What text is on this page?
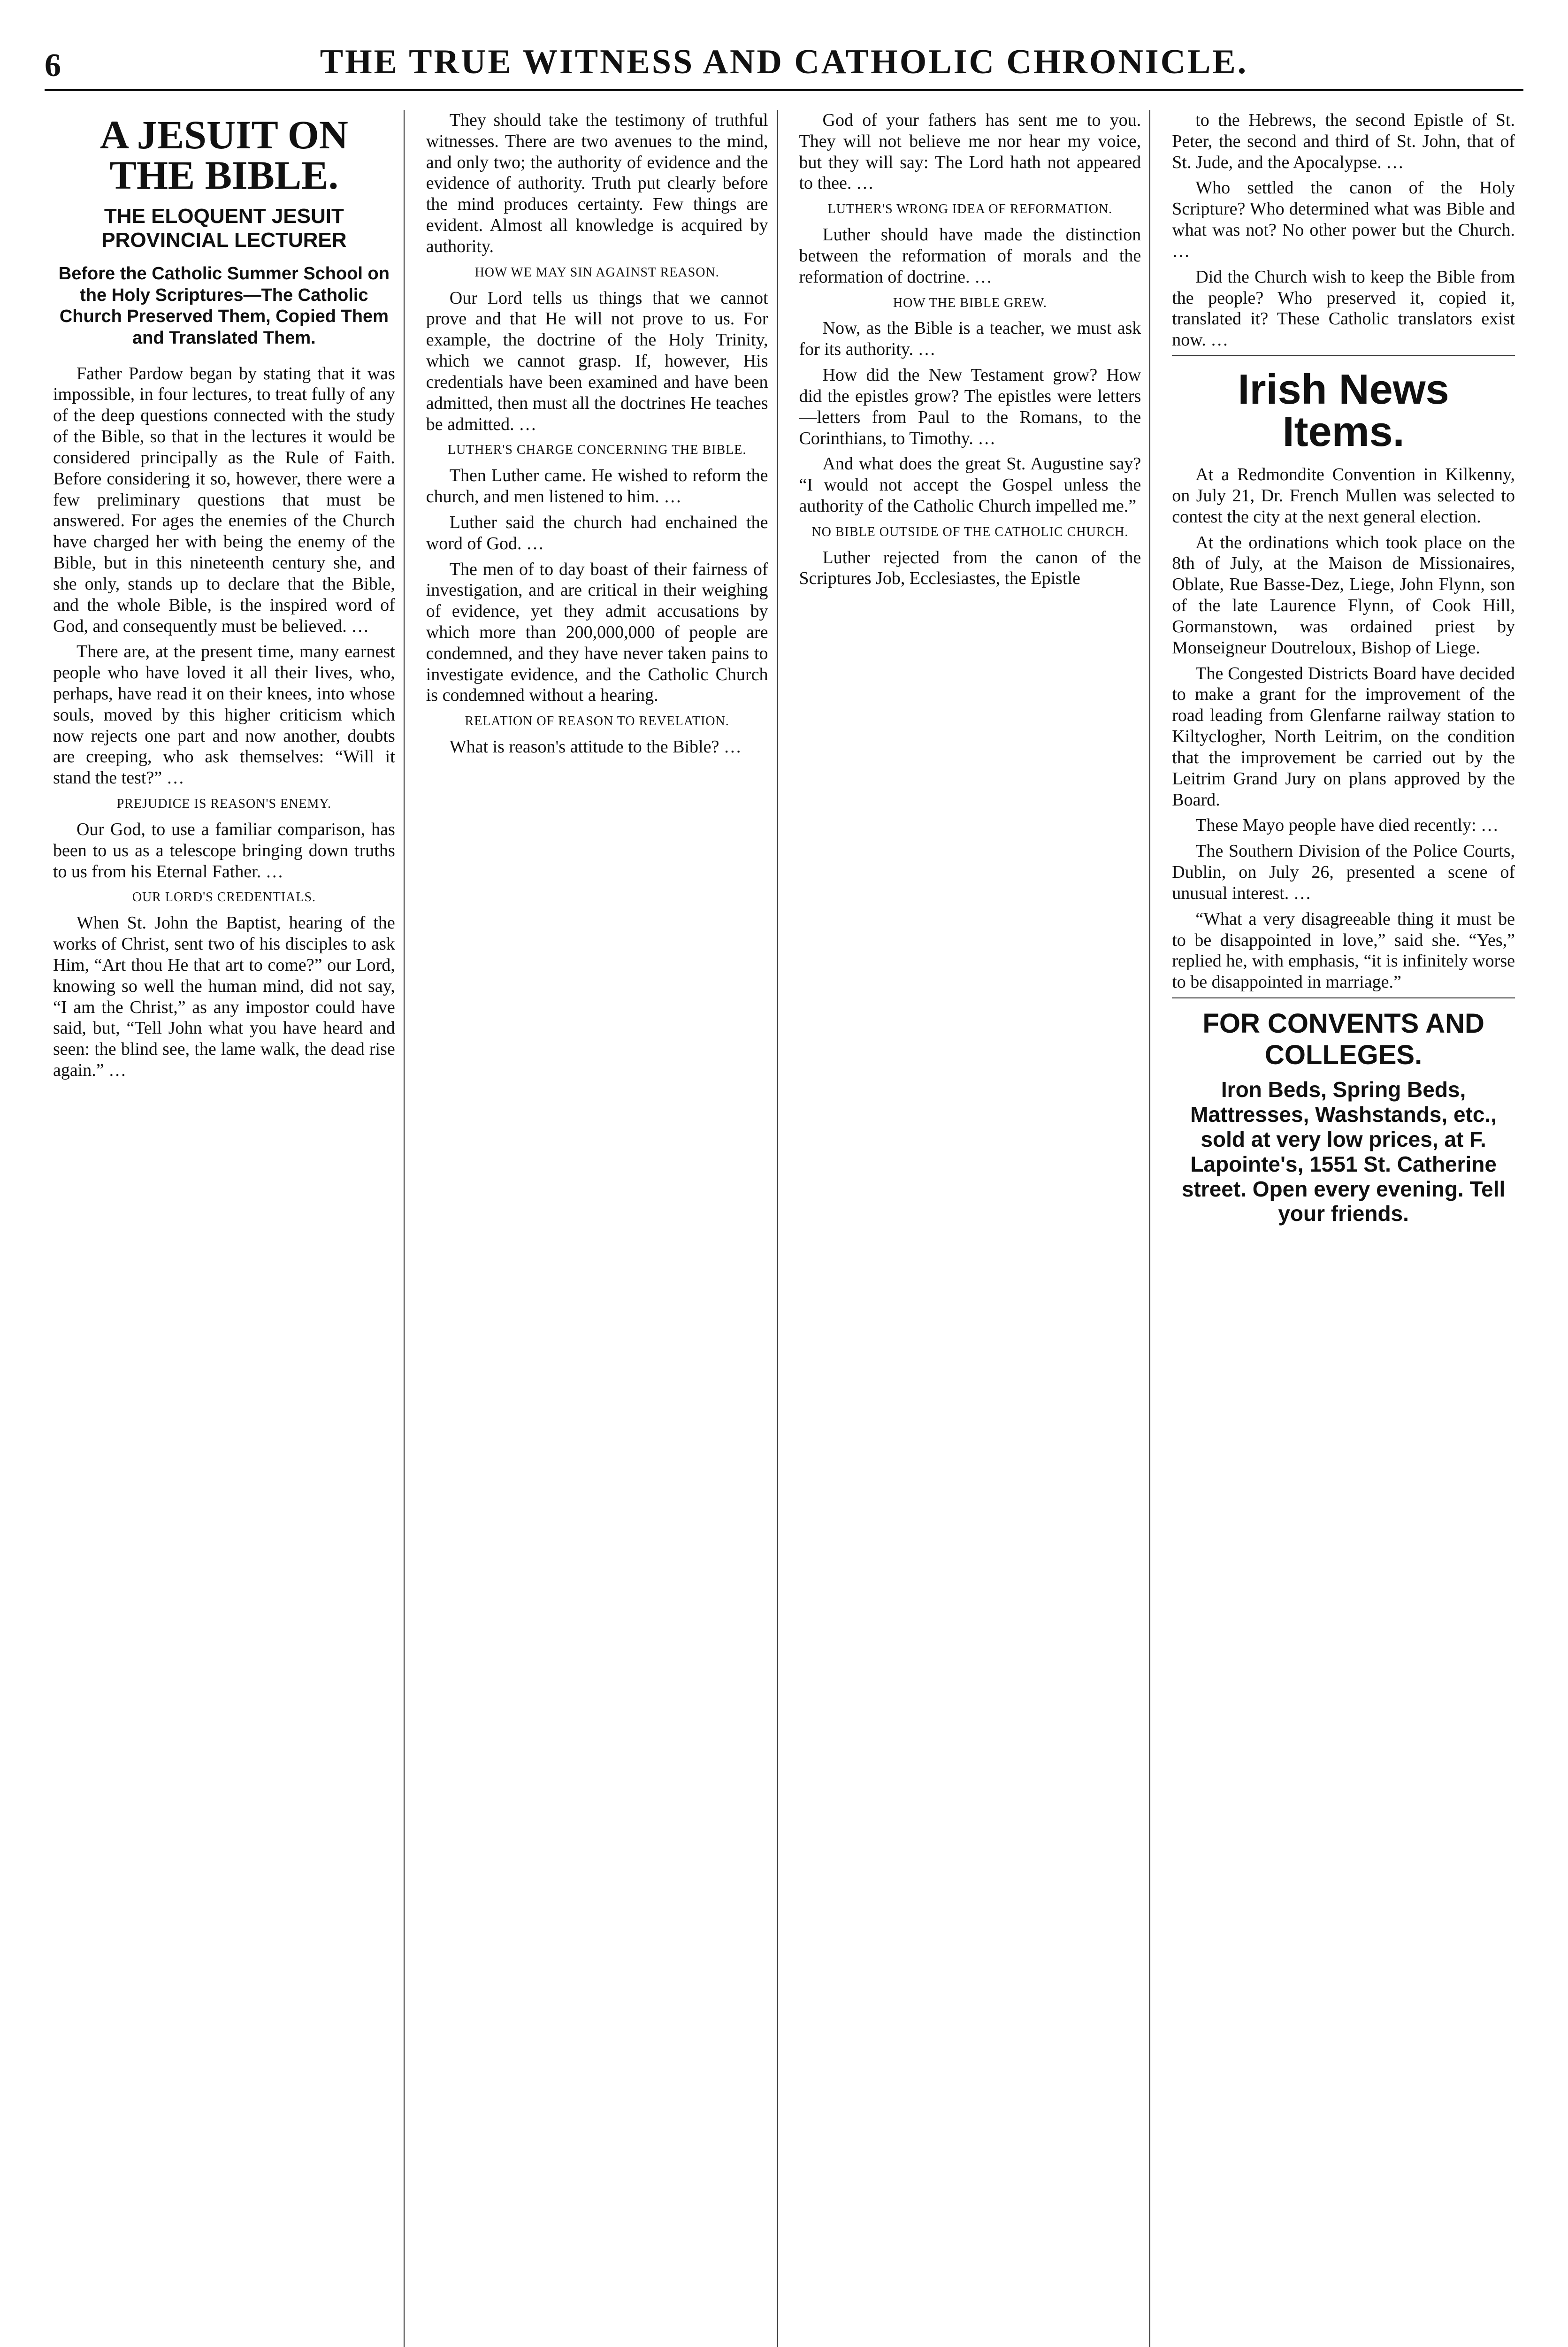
6	THE TRUE WITNESS AND CATHOLIC CHRONICLE.
A JESUIT ON THE BIBLE.
THE ELOQUENT JESUIT PROVINCIAL LECTURER
Before the Catholic Summer School on the Holy Scriptures—The Catholic Church Preserved Them, Copied Them and Translated Them.

Father Pardow began by stating that it was impossible, in four lectures, to treat fully of any of the deep questions connected with the study of the Bible, so that in the lectures it would be considered principally as the Rule of Faith. Before considering it so, however, there were a few preliminary questions that must be answered. For ages the enemies of the Church have charged her with being the enemy of the Bible, but in this nineteenth century she, and she only, stands up to declare that the Bible, and the whole Bible, is the inspired word of God, and consequently must be believed. …

There are, at the present time, many earnest people who have loved it all their lives, who, perhaps, have read it on their knees, into whose souls, moved by this higher criticism which now rejects one part and now another, doubts are creeping, who ask themselves: “Will it stand the test?” …

PREJUDICE IS REASON'S ENEMY.

Our God, to use a familiar comparison, has been to us as a telescope bringing down truths to us from his Eternal Father. …

OUR LORD'S CREDENTIALS.

When St. John the Baptist, hearing of the works of Christ, sent two of his disciples to ask Him, “Art thou He that art to come?” our Lord, knowing so well the human mind, did not say, “I am the Christ,” as any impostor could have said, but, “Tell John what you have heard and seen: the blind see, the lame walk, the dead rise again.” …

They should take the testimony of truthful witnesses. There are two avenues to the mind, and only two; the authority of evidence and the evidence of authority. Truth put clearly before the mind produces certainty. Few things are evident. Almost all knowledge is acquired by authority.

HOW WE MAY SIN AGAINST REASON.

Our Lord tells us things that we cannot prove and that He will not prove to us. For example, the doctrine of the Holy Trinity, which we cannot grasp. If, however, His credentials have been examined and have been admitted, then must all the doctrines He teaches be admitted. …

LUTHER'S CHARGE CONCERNING THE BIBLE.

Then Luther came. He wished to reform the church, and men listened to him. …

Luther said the church had enchained the word of God. …

The men of to day boast of their fairness of investigation, and are critical in their weighing of evidence, yet they admit accusations by which more than 200,000,000 of people are condemned, and they have never taken pains to investigate evidence, and the Catholic Church is condemned without a hearing.

RELATION OF REASON TO REVELATION.

What is reason's attitude to the Bible? …

God of your fathers has sent me to you. They will not believe me nor hear my voice, but they will say: The Lord hath not appeared to thee. …

LUTHER'S WRONG IDEA OF REFORMATION.

Luther should have made the distinction between the reformation of morals and the reformation of doctrine. …

HOW THE BIBLE GREW.

Now, as the Bible is a teacher, we must ask for its authority. …

How did the New Testament grow? How did the epistles grow? The epistles were letters—letters from Paul to the Romans, to the Corinthians, to Timothy. …

And what does the great St. Augustine say? “I would not accept the Gospel unless the authority of the Catholic Church impelled me.”

NO BIBLE OUTSIDE OF THE CATHOLIC CHURCH.

Luther rejected from the canon of the Scriptures Job, Ecclesiastes, the Epistle

to the Hebrews, the second Epistle of St. Peter, the second and third of St. John, that of St. Jude, and the Apocalypse. …

Who settled the canon of the Holy Scripture? Who determined what was Bible and what was not? No other power but the Church. …

Did the Church wish to keep the Bible from the people? Who preserved it, copied it, translated it? These Catholic translators exist now. …

Irish News Items.

At a Redmondite Convention in Kilkenny, on July 21, Dr. French Mullen was selected to contest the city at the next general election.

At the ordinations which took place on the 8th of July, at the Maison de Missionaires, Oblate, Rue Basse-Dez, Liege, John Flynn, son of the late Laurence Flynn, of Cook Hill, Gormanstown, was ordained priest by Monseigneur Doutreloux, Bishop of Liege.

The Congested Districts Board have decided to make a grant for the improvement of the road leading from Glenfarne railway station to Kiltyclogher, North Leitrim, on the condition that the improvement be carried out by the Leitrim Grand Jury on plans approved by the Board.

These Mayo people have died recently: …

The Southern Division of the Police Courts, Dublin, on July 26, presented a scene of unusual interest. …

“What a very disagreeable thing it must be to be disappointed in love,” said she. “Yes,” replied he, with emphasis, “it is infinitely worse to be disappointed in marriage.”

FOR CONVENTS AND COLLEGES.
Iron Beds, Spring Beds, Mattresses, Washstands, etc., sold at very low prices, at F. Lapointe's, 1551 St. Catherine street. Open every evening. Tell your friends.
